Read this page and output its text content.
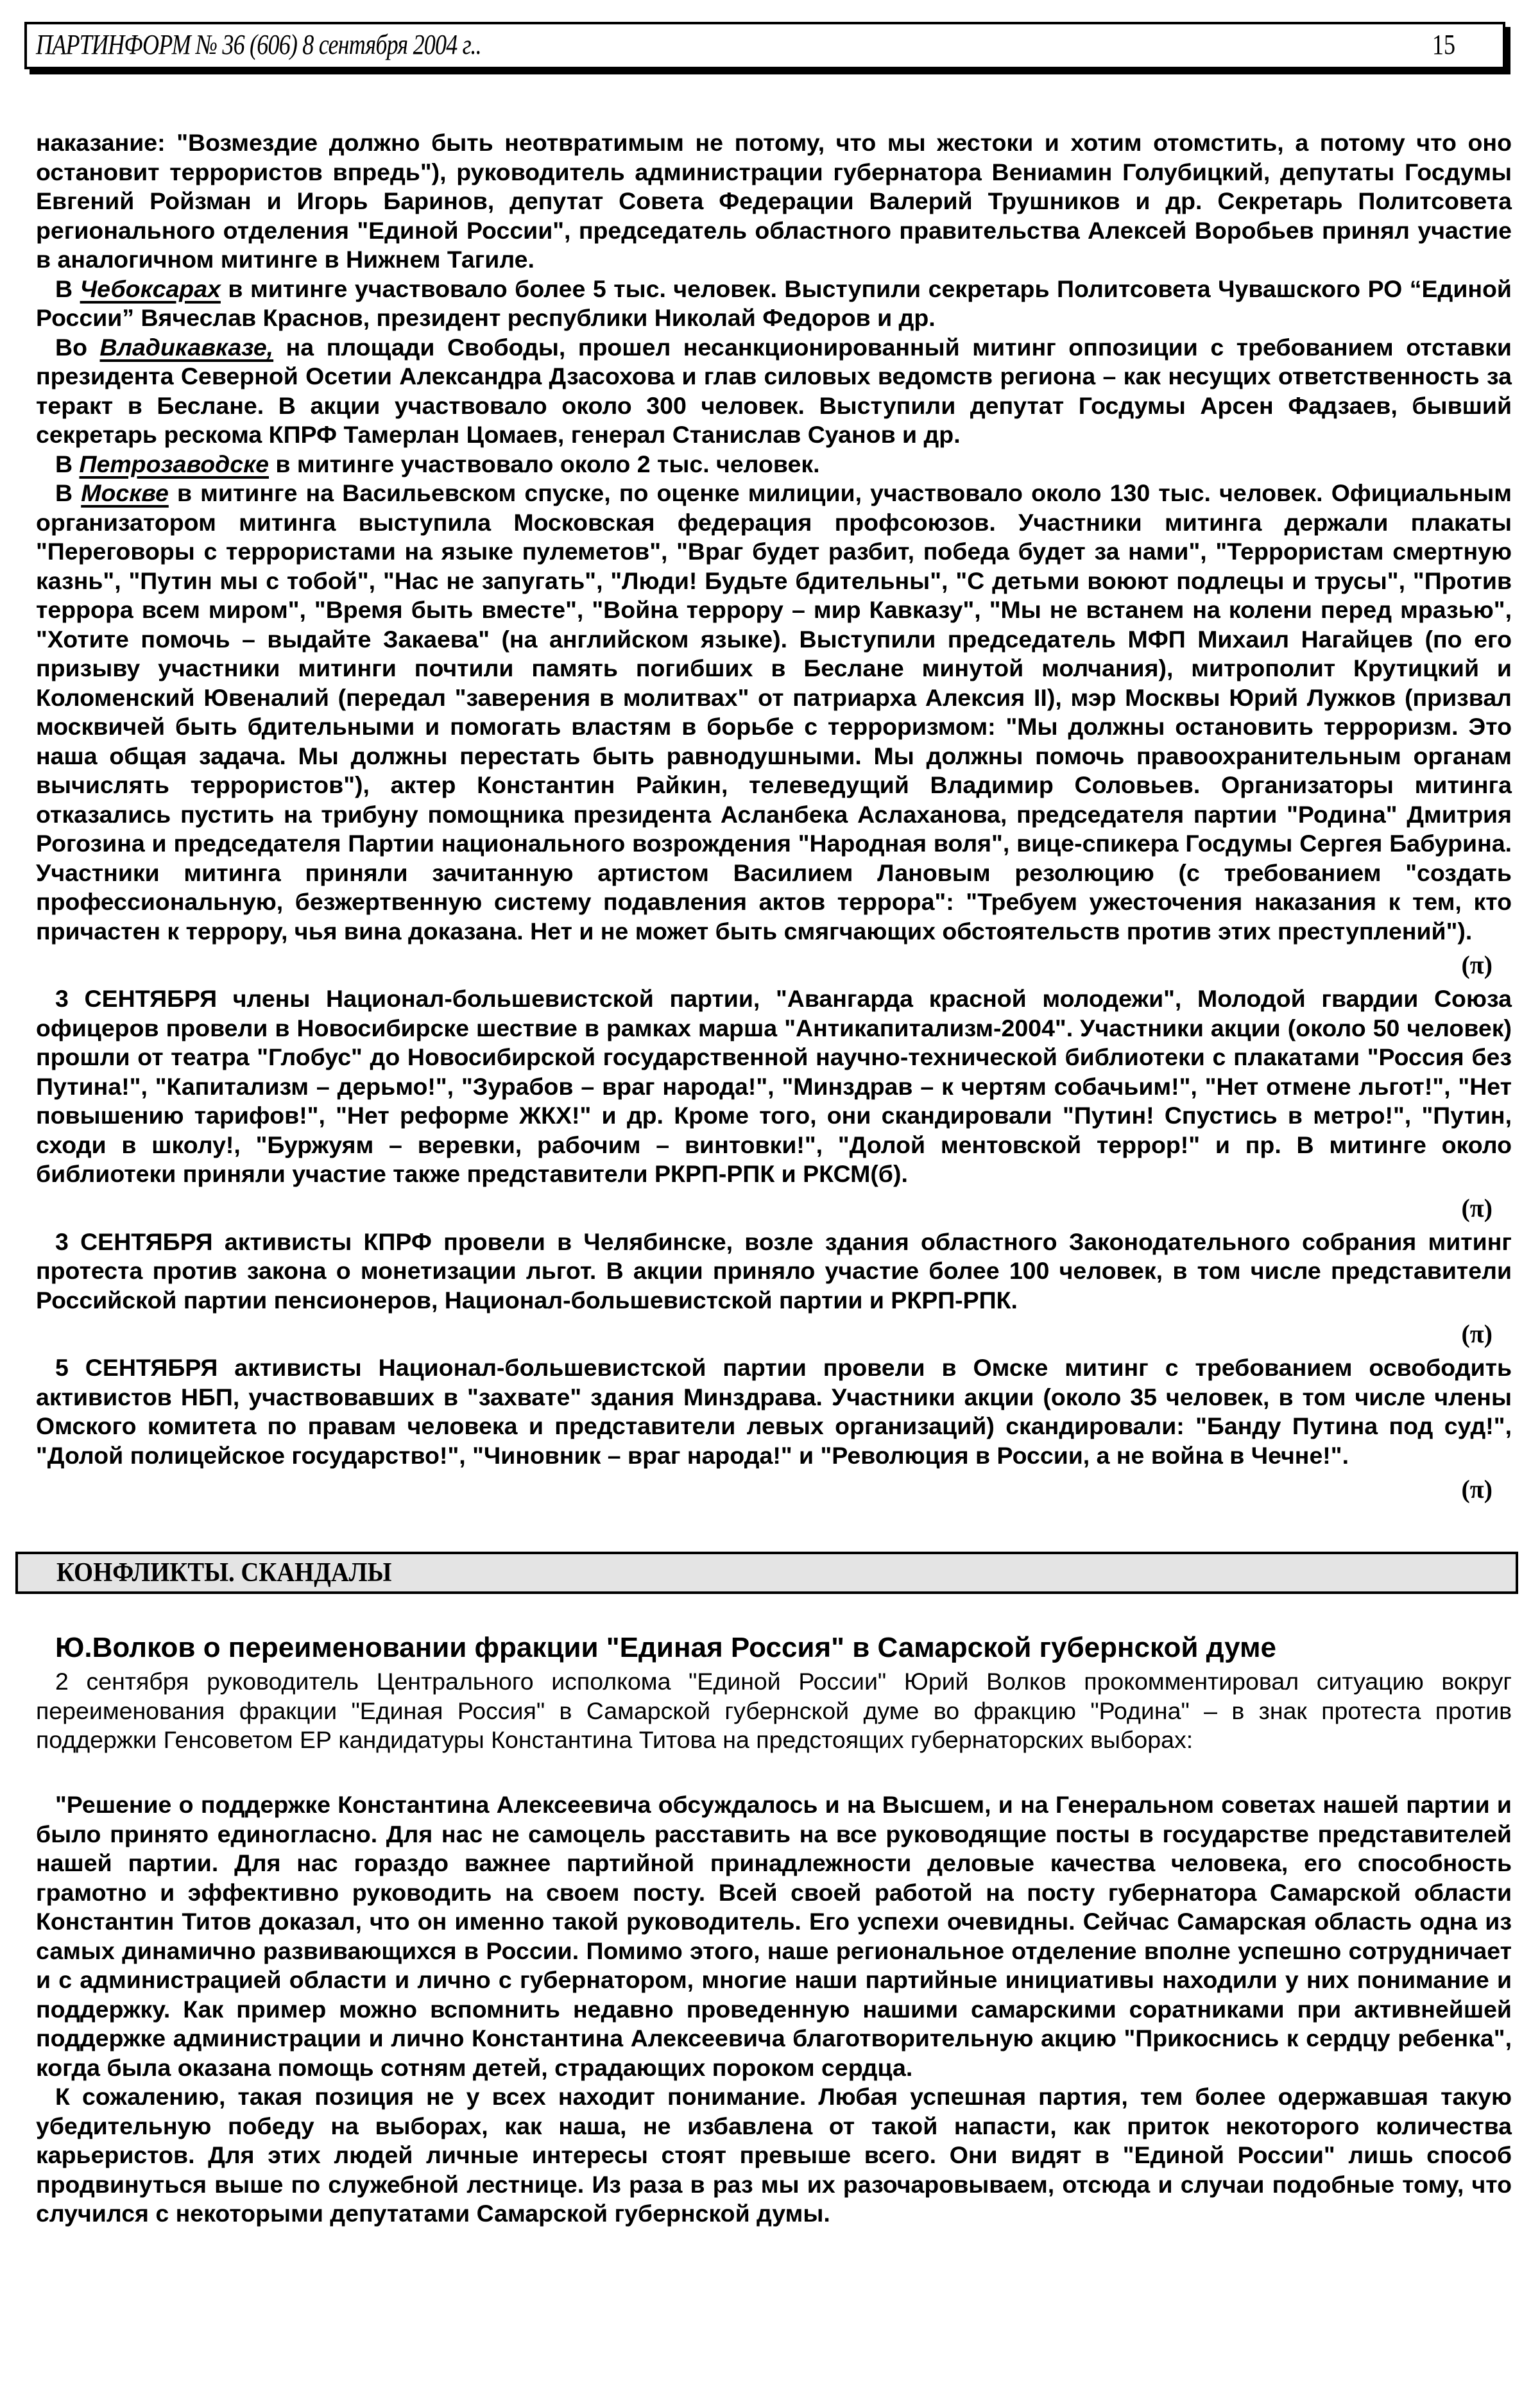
ПАРТИНФОРМ № 36 (606) 8 сентября 2004 г..	15

наказание: "Возмездие должно быть неотвратимым не потому, что мы жестоки и хотим отомстить, а потому что оно остановит террористов впредь"), руководитель администрации губернатора Вениамин Голубицкий, депутаты Госдумы Евгений Ройзман и Игорь Баринов, депутат Совета Федерации Валерий Трушников и др. Секретарь Политсовета регионального отделения "Единой России", председатель областного правительства Алексей Воробьев принял участие в аналогичном митинге в Нижнем Тагиле.

В Чебоксарах в митинге участвовало более 5 тыс. человек. Выступили секретарь Политсовета Чувашского РО “Единой России” Вячеслав Краснов, президент республики Николай Федоров и др.

Во Владикавказе, на площади Свободы, прошел несанкционированный митинг оппозиции с требованием отставки президента Северной Осетии Александра Дзасохова и глав силовых ведомств региона – как несущих ответственность за теракт в Беслане. В акции участвовало около 300 человек. Выступили депутат Госдумы Арсен Фадзаев, бывший секретарь рескома КПРФ Тамерлан Цомаев, генерал Станислав Суанов и др.

В Петрозаводске в митинге участвовало около 2 тыс. человек.

В Москве в митинге на Васильевском спуске, по оценке милиции, участвовало около 130 тыс. человек. Официальным организатором митинга выступила Московская федерация профсоюзов. Участники митинга держали плакаты "Переговоры с террористами на языке пулеметов", "Враг будет разбит, победа будет за нами", "Террористам смертную казнь", "Путин мы с тобой", "Нас не запугать", "Люди! Будьте бдительны", "С детьми воюют подлецы и трусы", "Против террора всем миром", "Время быть вместе", "Война террору – мир Кавказу", "Мы не встанем на колени перед мразью", "Хотите помочь – выдайте Закаева" (на английском языке). Выступили председатель МФП Михаил Нагайцев (по его призыву участники митинги почтили память погибших в Беслане минутой молчания), митрополит Крутицкий и Коломенский Ювеналий (передал "заверения в молитвах" от патриарха Алексия II), мэр Москвы Юрий Лужков (призвал москвичей быть бдительными и помогать властям в борьбе с терроризмом: "Мы должны остановить терроризм. Это наша общая задача. Мы должны перестать быть равнодушными. Мы должны помочь правоохранительным органам вычислять террористов"), актер Константин Райкин, телеведущий Владимир Соловьев. Организаторы митинга отказались пустить на трибуну помощника президента Асланбека Аслаханова, председателя партии "Родина" Дмитрия Рогозина и председателя Партии национального возрождения "Народная воля", вице-спикера Госдумы Сергея Бабурина. Участники митинга приняли зачитанную артистом Василием Лановым резолюцию (с требованием "создать профессиональную, безжертвенную систему подавления актов террора": "Требуем ужесточения наказания к тем, кто причастен к террору, чья вина доказана. Нет и не может быть смягчающих обстоятельств против этих преступлений").

(π)

3 СЕНТЯБРЯ члены Национал-большевистской партии, "Авангарда красной молодежи", Молодой гвардии Союза офицеров провели в Новосибирске шествие в рамках марша "Антикапитализм-2004". Участники акции (около 50 человек) прошли от театра "Глобус" до Новосибирской государственной научно-технической библиотеки с плакатами "Россия без Путина!", "Капитализм – дерьмо!", "Зурабов – враг народа!", "Минздрав – к чертям собачьим!", "Нет отмене льгот!", "Нет повышению тарифов!", "Нет реформе ЖКХ!" и др. Кроме того, они скандировали "Путин! Спустись в метро!", "Путин, сходи в школу!, "Буржуям – веревки, рабочим – винтовки!", "Долой ментовской террор!" и пр. В митинге около библиотеки приняли участие также представители РКРП-РПК и РКСМ(б).

(π)

3 СЕНТЯБРЯ активисты КПРФ провели в Челябинске, возле здания областного Законодательного собрания митинг протеста против закона о монетизации льгот. В акции приняло участие более 100 человек, в том числе представители Российской партии пенсионеров, Национал-большевистской партии и РКРП-РПК.

(π)

5 СЕНТЯБРЯ активисты Национал-большевистской партии провели в Омске митинг с требованием освободить активистов НБП, участвовавших в "захвате" здания Минздрава. Участники акции (около 35 человек, в том числе члены Омского комитета по правам человека и представители левых организаций) скандировали: "Банду Путина под суд!", "Долой полицейское государство!", "Чиновник – враг народа!" и "Революция в России, а не война в Чечне!".

(π)
КОНФЛИКТЫ. СКАНДАЛЫ
Ю.Волков о переименовании фракции "Единая Россия" в Самарской губернской думе

2 сентября руководитель Центрального исполкома "Единой России" Юрий Волков прокомментировал ситуацию вокруг переименования фракции "Единая Россия" в Самарской губернской думе во фракцию "Родина" – в знак протеста против поддержки Генсоветом ЕР кандидатуры Константина Титова на предстоящих губернаторских выборах:

"Решение о поддержке Константина Алексеевича обсуждалось и на Высшем, и на Генеральном советах нашей партии и было принято единогласно. Для нас не самоцель расставить на все руководящие посты в государстве представителей нашей партии. Для нас гораздо важнее партийной принадлежности деловые качества человека, его способность грамотно и эффективно руководить на своем посту. Всей своей работой на посту губернатора Самарской области Константин Титов доказал, что он именно такой руководитель. Его успехи очевидны. Сейчас Самарская область одна из самых динамично развивающихся в России. Помимо этого, наше региональное отделение вполне успешно сотрудничает и с администрацией области и лично с губернатором, многие наши партийные инициативы находили у них понимание и поддержку. Как пример можно вспомнить недавно проведенную нашими самарскими соратниками при активнейшей поддержке администрации и лично Константина Алексеевича благотворительную акцию "Прикоснись к сердцу ребенка", когда была оказана помощь сотням детей, страдающих пороком сердца.

К сожалению, такая позиция не у всех находит понимание. Любая успешная партия, тем более одержавшая такую убедительную победу на выборах, как наша, не избавлена от такой напасти, как приток некоторого количества карьеристов. Для этих людей личные интересы стоят превыше всего. Они видят в "Единой России" лишь способ продвинуться выше по служебной лестнице. Из раза в раз мы их разочаровываем, отсюда и случаи подобные тому, что случился с некоторыми депутатами Самарской губернской думы.
